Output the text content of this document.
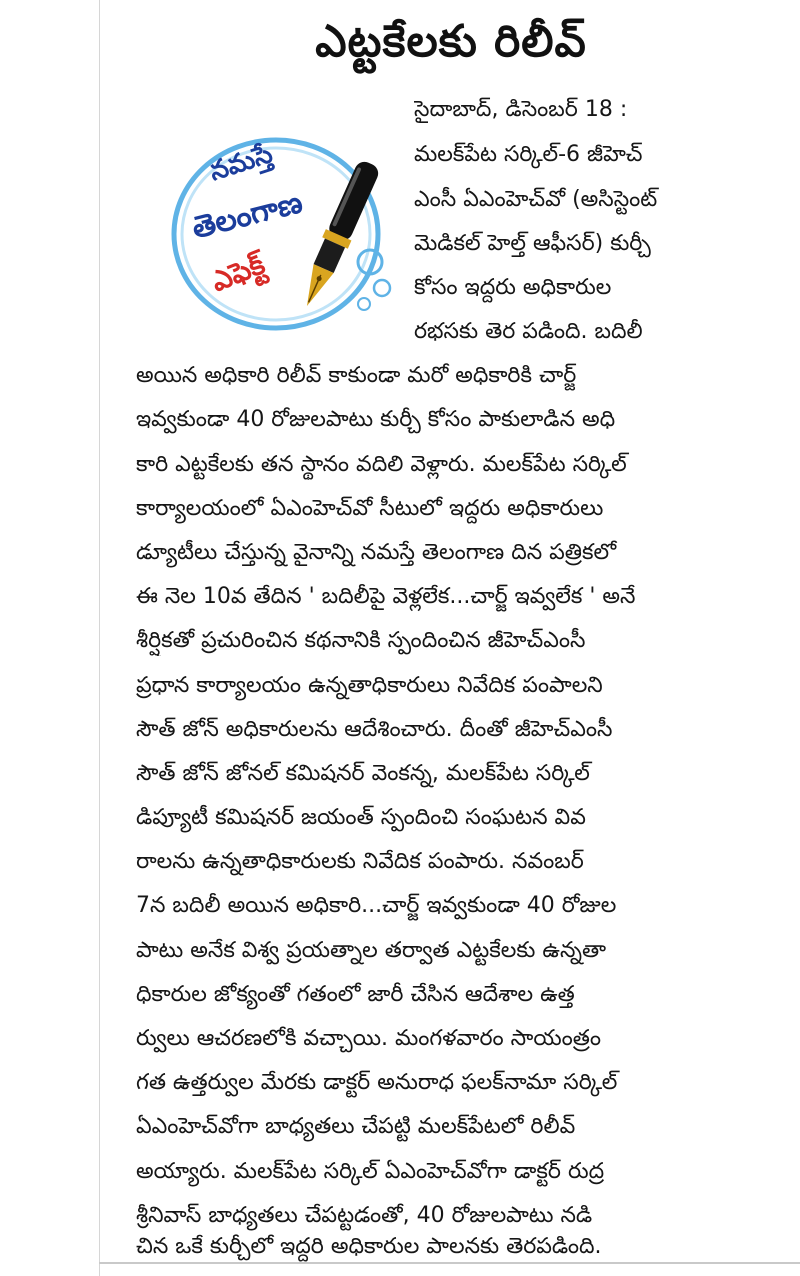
ఎట్టకేలకు రిలీవ్
నమస్తే
తెలంగాణ
ఎఫెక్ట్

సైదాబాద్, డిసెంబర్ 18 :

మలక్‌పేట సర్కిల్-6 జీహెచ్

ఎంసీ ఏఎంహెచ్‌వో (అసిస్టెంట్

మెడికల్ హెల్త్ ఆఫీసర్) కుర్చీ

కోసం ఇద్దరు అధికారుల

రభసకు తెర పడింది. బదిలీ

అయిన అధికారి రిలీవ్ కాకుండా మరో అధికారికి చార్జ్

ఇవ్వకుండా 40 రోజులపాటు కుర్చీ కోసం పాకులాడిన అధి

కారి ఎట్టకేలకు తన స్థానం వదిలి వెళ్లారు. మలక్‌పేట సర్కిల్

కార్యాలయంలో ఏఎంహెచ్‌వో సీటులో ఇద్దరు అధికారులు

డ్యూటీలు చేస్తున్న వైనాన్ని నమస్తే తెలంగాణ దిన పత్రికలో

ఈ నెల 10వ తేదిన ' బదిలీపై వెళ్లలేక...చార్జ్ ఇవ్వలేక ' అనే

శీర్షికతో ప్రచురించిన కథనానికి స్పందించిన జీహెచ్‌ఎంసీ

ప్రధాన కార్యాలయం ఉన్నతాధికారులు నివేదిక పంపాలని

సౌత్ జోన్ అధికారులను ఆదేశించారు. దీంతో జీహెచ్‌ఎంసీ

సౌత్ జోన్ జోనల్ కమిషనర్ వెంకన్న, మలక్‌పేట సర్కిల్

డిప్యూటీ కమిషనర్ జయంత్ స్పందించి సంఘటన వివ

రాలను ఉన్నతాధికారులకు నివేదిక పంపారు. నవంబర్

7న బదిలీ అయిన అధికారి...చార్జ్ ఇవ్వకుండా 40 రోజుల

పాటు అనేక విశ్వ ప్రయత్నాల తర్వాత ఎట్టకేలకు ఉన్నతా

ధికారుల జోక్యంతో గతంలో జారీ చేసిన ఆదేశాల ఉత్త

ర్వులు ఆచరణలోకి వచ్చాయి. మంగళవారం సాయంత్రం

గత ఉత్తర్వుల మేరకు డాక్టర్ అనురాధ ఫలక్‌నామా సర్కిల్

ఏఎంహెచ్‌వోగా బాధ్యతలు చేపట్టి మలక్‌పేటలో రిలీవ్

అయ్యారు. మలక్‌పేట సర్కిల్ ఏఎంహెచ్‌వోగా డాక్టర్ రుద్ర

శ్రీనివాస్ బాధ్యతలు చేపట్టడంతో, 40 రోజులపాటు నడి

చిన ఒకే కుర్చీలో ఇద్దరి అధికారుల పాలనకు తెరపడింది.
